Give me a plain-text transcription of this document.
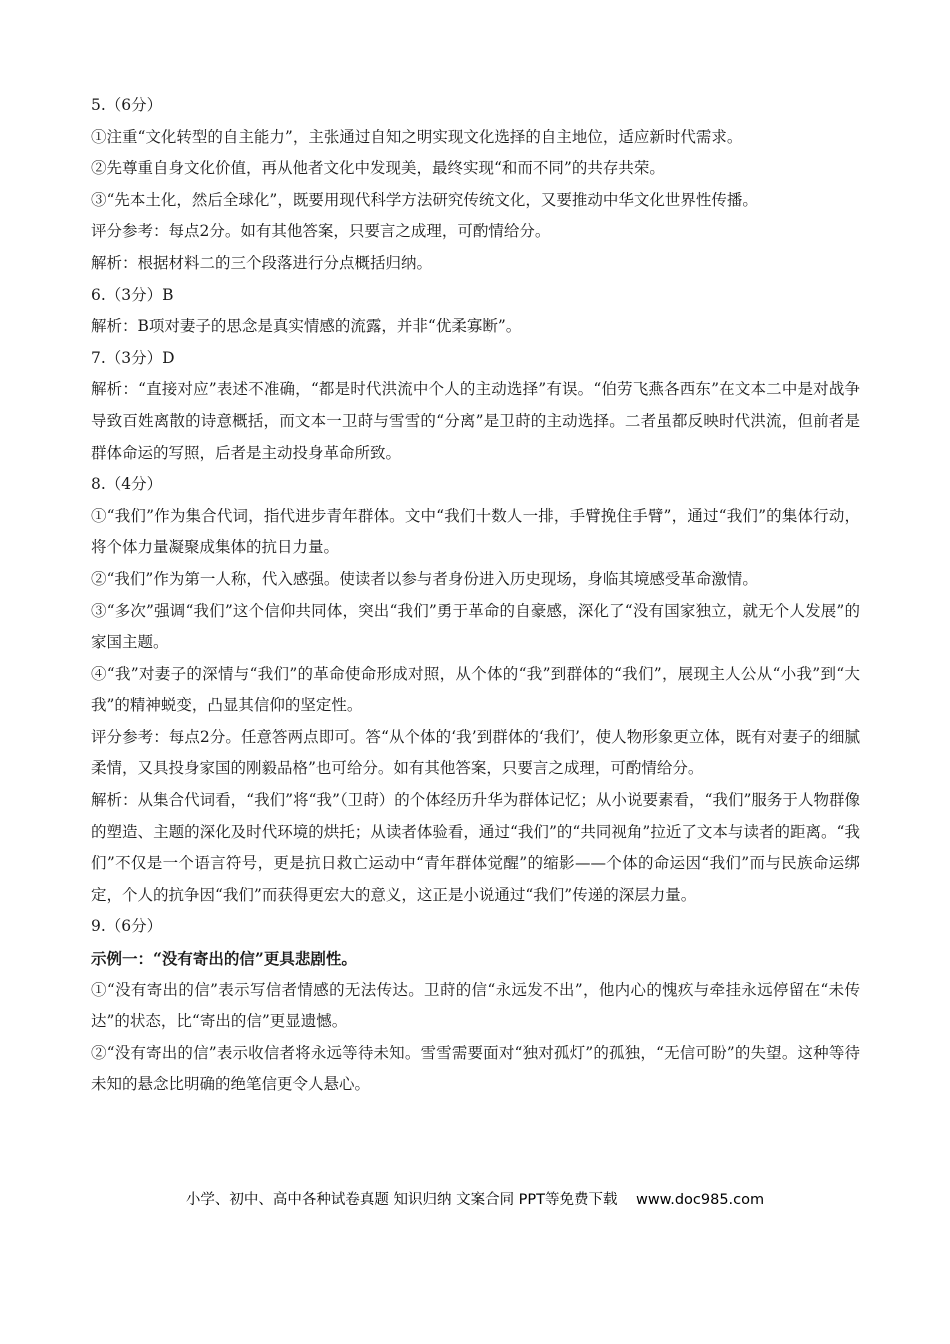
5.（6分）

①注重“文化转型的自主能力”，主张通过自知之明实现文化选择的自主地位，适应新时代需求。

②先尊重自身文化价值，再从他者文化中发现美，最终实现“和而不同”的共存共荣。

③“先本土化，然后全球化”，既要用现代科学方法研究传统文化，又要推动中华文化世界性传播。

评分参考：每点2分。如有其他答案，只要言之成理，可酌情给分。

解析：根据材料二的三个段落进行分点概括归纳。

6.（3分）B

解析：B项对妻子的思念是真实情感的流露，并非“优柔寡断”。

7.（3分）D

解析：“直接对应”表述不准确，“都是时代洪流中个人的主动选择”有误。“伯劳飞燕各西东”在文本二中是对战争导致百姓离散的诗意概括，而文本一卫莳与雪雪的“分离”是卫莳的主动选择。二者虽都反映时代洪流，但前者是群体命运的写照，后者是主动投身革命所致。

8.（4分）

①“我们”作为集合代词，指代进步青年群体。文中“我们十数人一排，手臂挽住手臂”，通过“我们”的集体行动，将个体力量凝聚成集体的抗日力量。

②“我们”作为第一人称，代入感强。使读者以参与者身份进入历史现场，身临其境感受革命激情。

③“多次”强调“我们”这个信仰共同体，突出“我们”勇于革命的自豪感，深化了“没有国家独立，就无个人发展”的家国主题。

④“我”对妻子的深情与“我们”的革命使命形成对照，从个体的“我”到群体的“我们”，展现主人公从“小我”到“大我”的精神蜕变，凸显其信仰的坚定性。

评分参考：每点2分。任意答两点即可。答“从个体的‘我’到群体的‘我们’，使人物形象更立体，既有对妻子的细腻柔情，又具投身家国的刚毅品格”也可给分。如有其他答案，只要言之成理，可酌情给分。

解析：从集合代词看，“我们”将“我”（卫莳）的个体经历升华为群体记忆；从小说要素看，“我们”服务于人物群像的塑造、主题的深化及时代环境的烘托；从读者体验看，通过“我们”的“共同视角”拉近了文本与读者的距离。“我们”不仅是一个语言符号，更是抗日救亡运动中“青年群体觉醒”的缩影——个体的命运因“我们”而与民族命运绑定，个人的抗争因“我们”而获得更宏大的意义，这正是小说通过“我们”传递的深层力量。

9.（6分）

示例一：“没有寄出的信”更具悲剧性。

①“没有寄出的信”表示写信者情感的无法传达。卫莳的信“永远发不出”，他内心的愧疚与牵挂永远停留在“未传达”的状态，比“寄出的信”更显遗憾。

②“没有寄出的信”表示收信者将永远等待未知。雪雪需要面对“独对孤灯”的孤独，“无信可盼”的失望。这种等待未知的悬念比明确的绝笔信更令人悬心。

小学、初中、高中各种试卷真题 知识归纳 文案合同 PPT等免费下载    www.doc985.com
